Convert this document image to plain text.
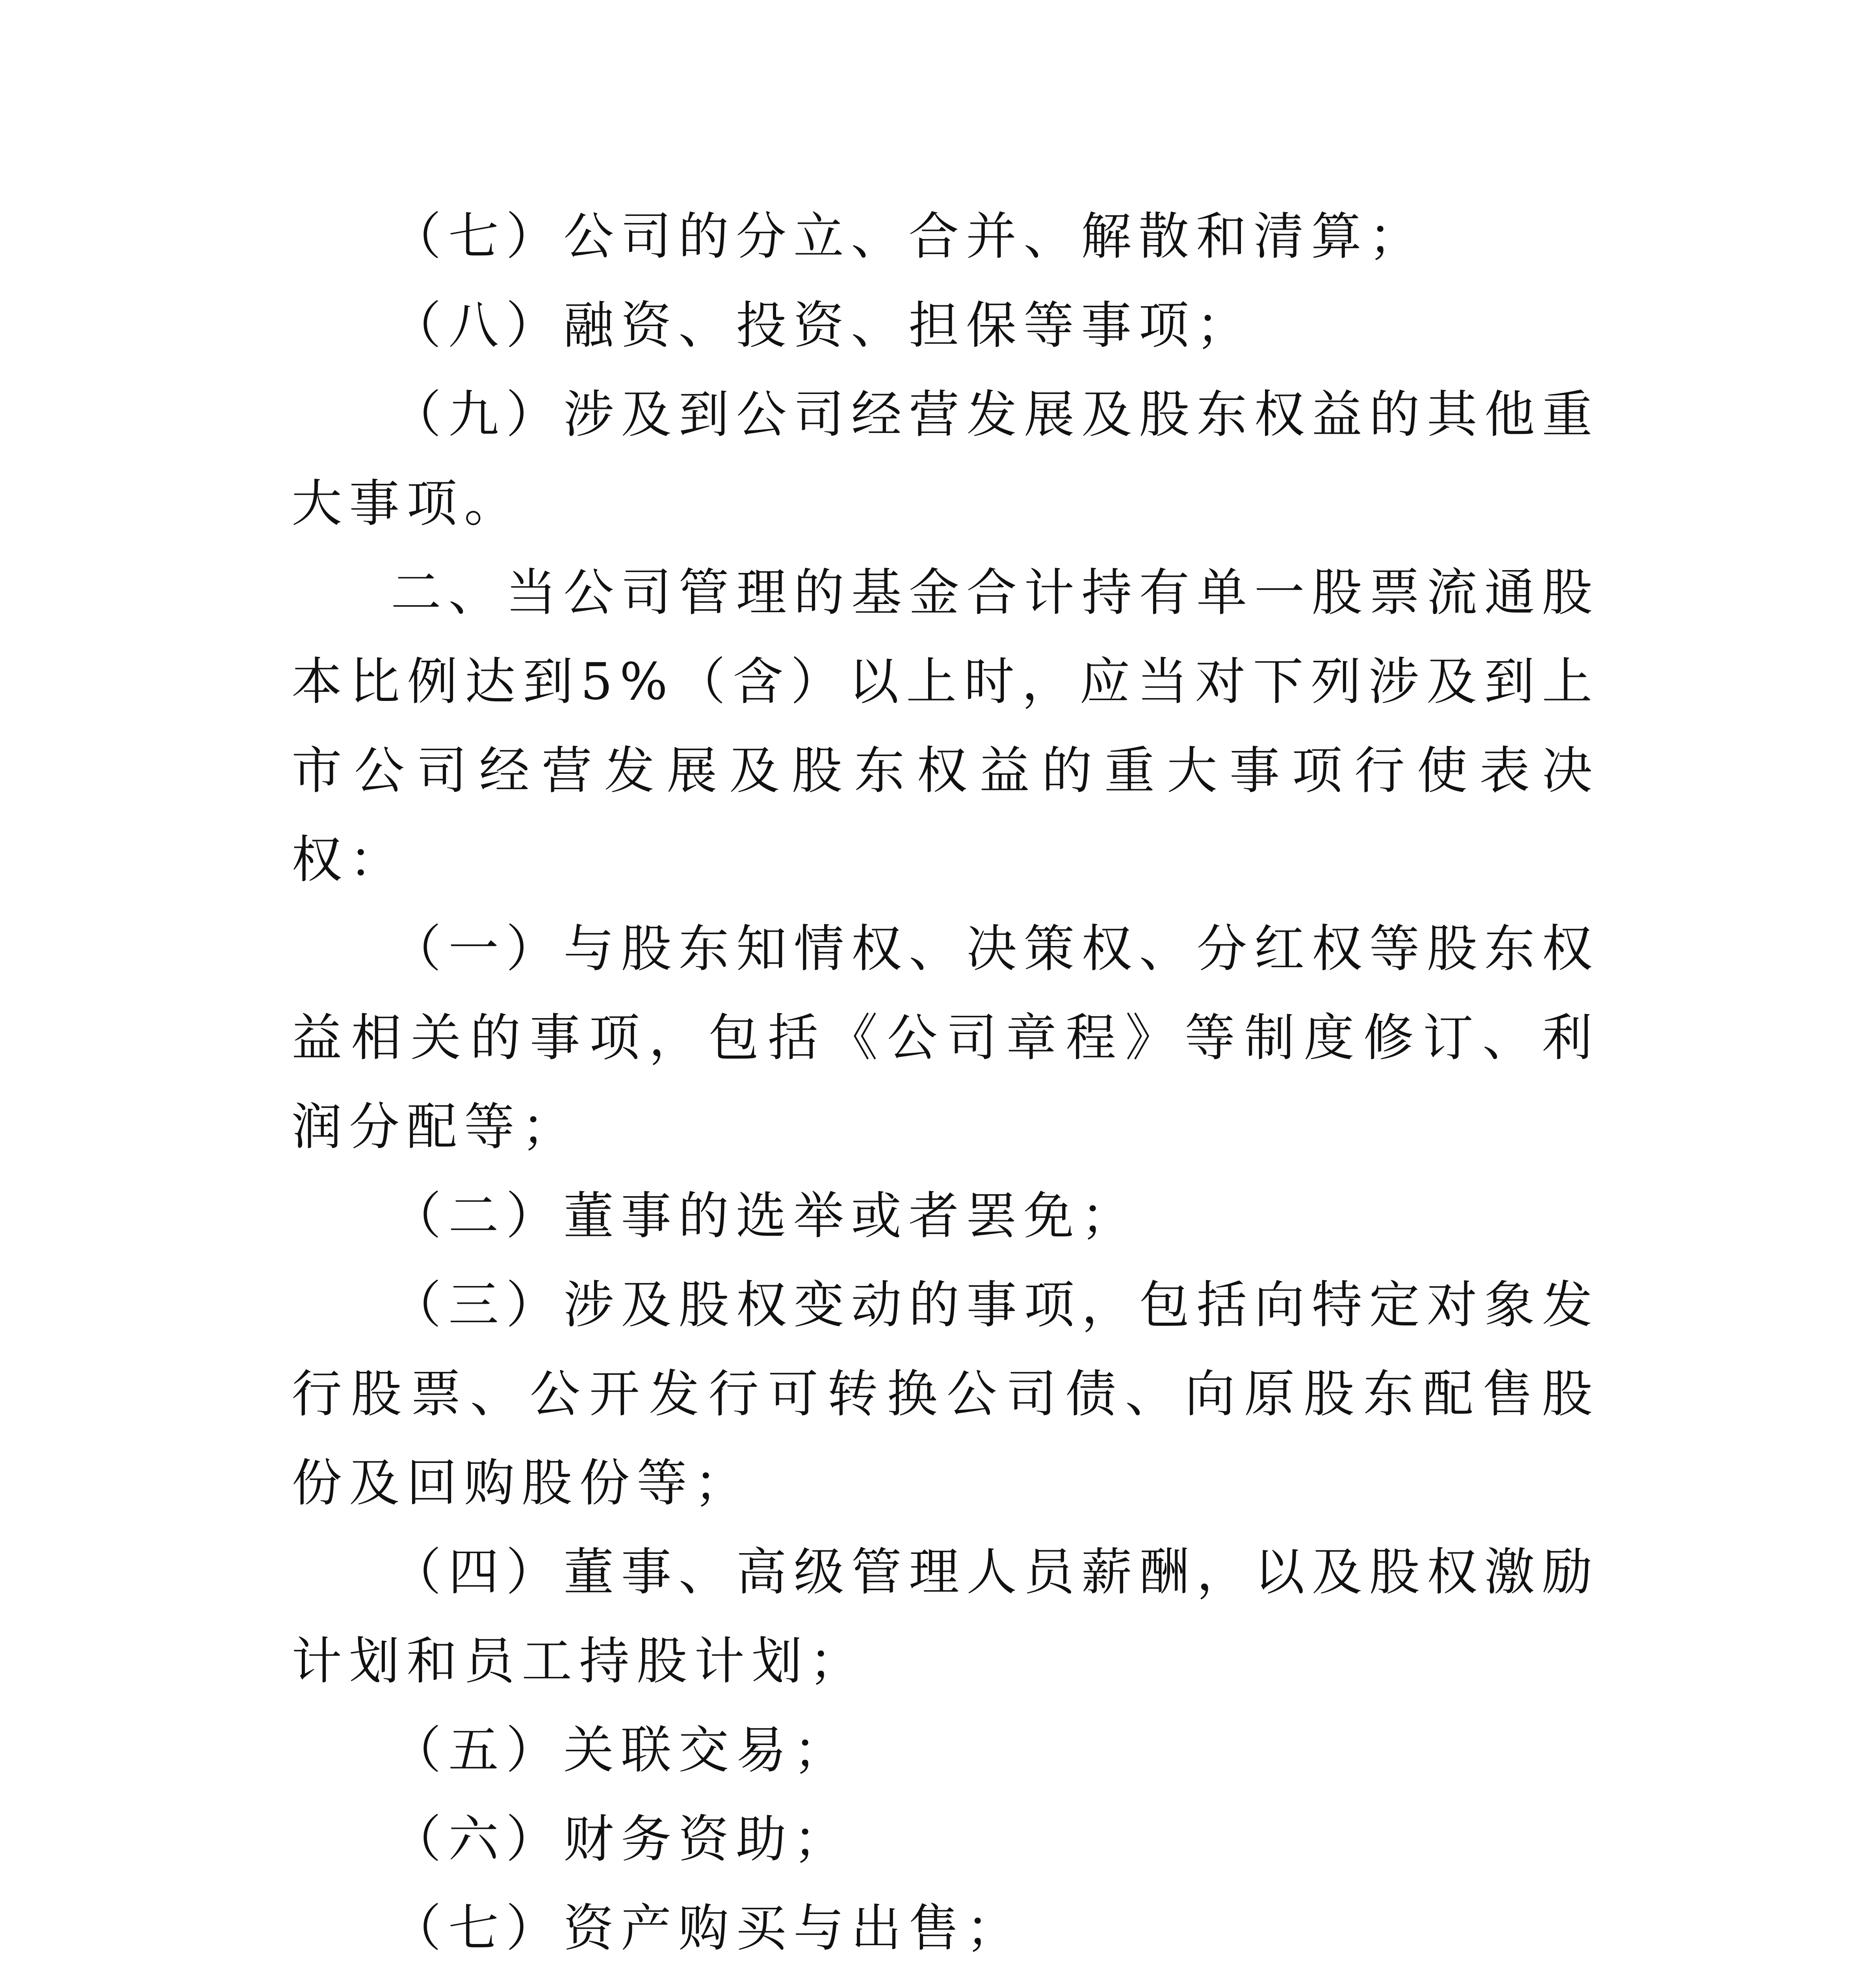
（七）公司的分立、合并、解散和清算；

（八）融资、投资、担保等事项；

（九）涉及到公司经营发展及股东权益的其他重大事项。

二、当公司管理的基金合计持有单一股票流通股本比例达到5%（含）以上时，应当对下列涉及到上市公司经营发展及股东权益的重大事项行使表决权：

（一）与股东知情权、决策权、分红权等股东权益相关的事项，包括《公司章程》等制度修订、利润分配等；

（二）董事的选举或者罢免；

（三）涉及股权变动的事项，包括向特定对象发行股票、公开发行可转换公司债、向原股东配售股份及回购股份等；

（四）董事、高级管理人员薪酬，以及股权激励计划和员工持股计划；

（五）关联交易；

（六）财务资助；

（七）资产购买与出售；
